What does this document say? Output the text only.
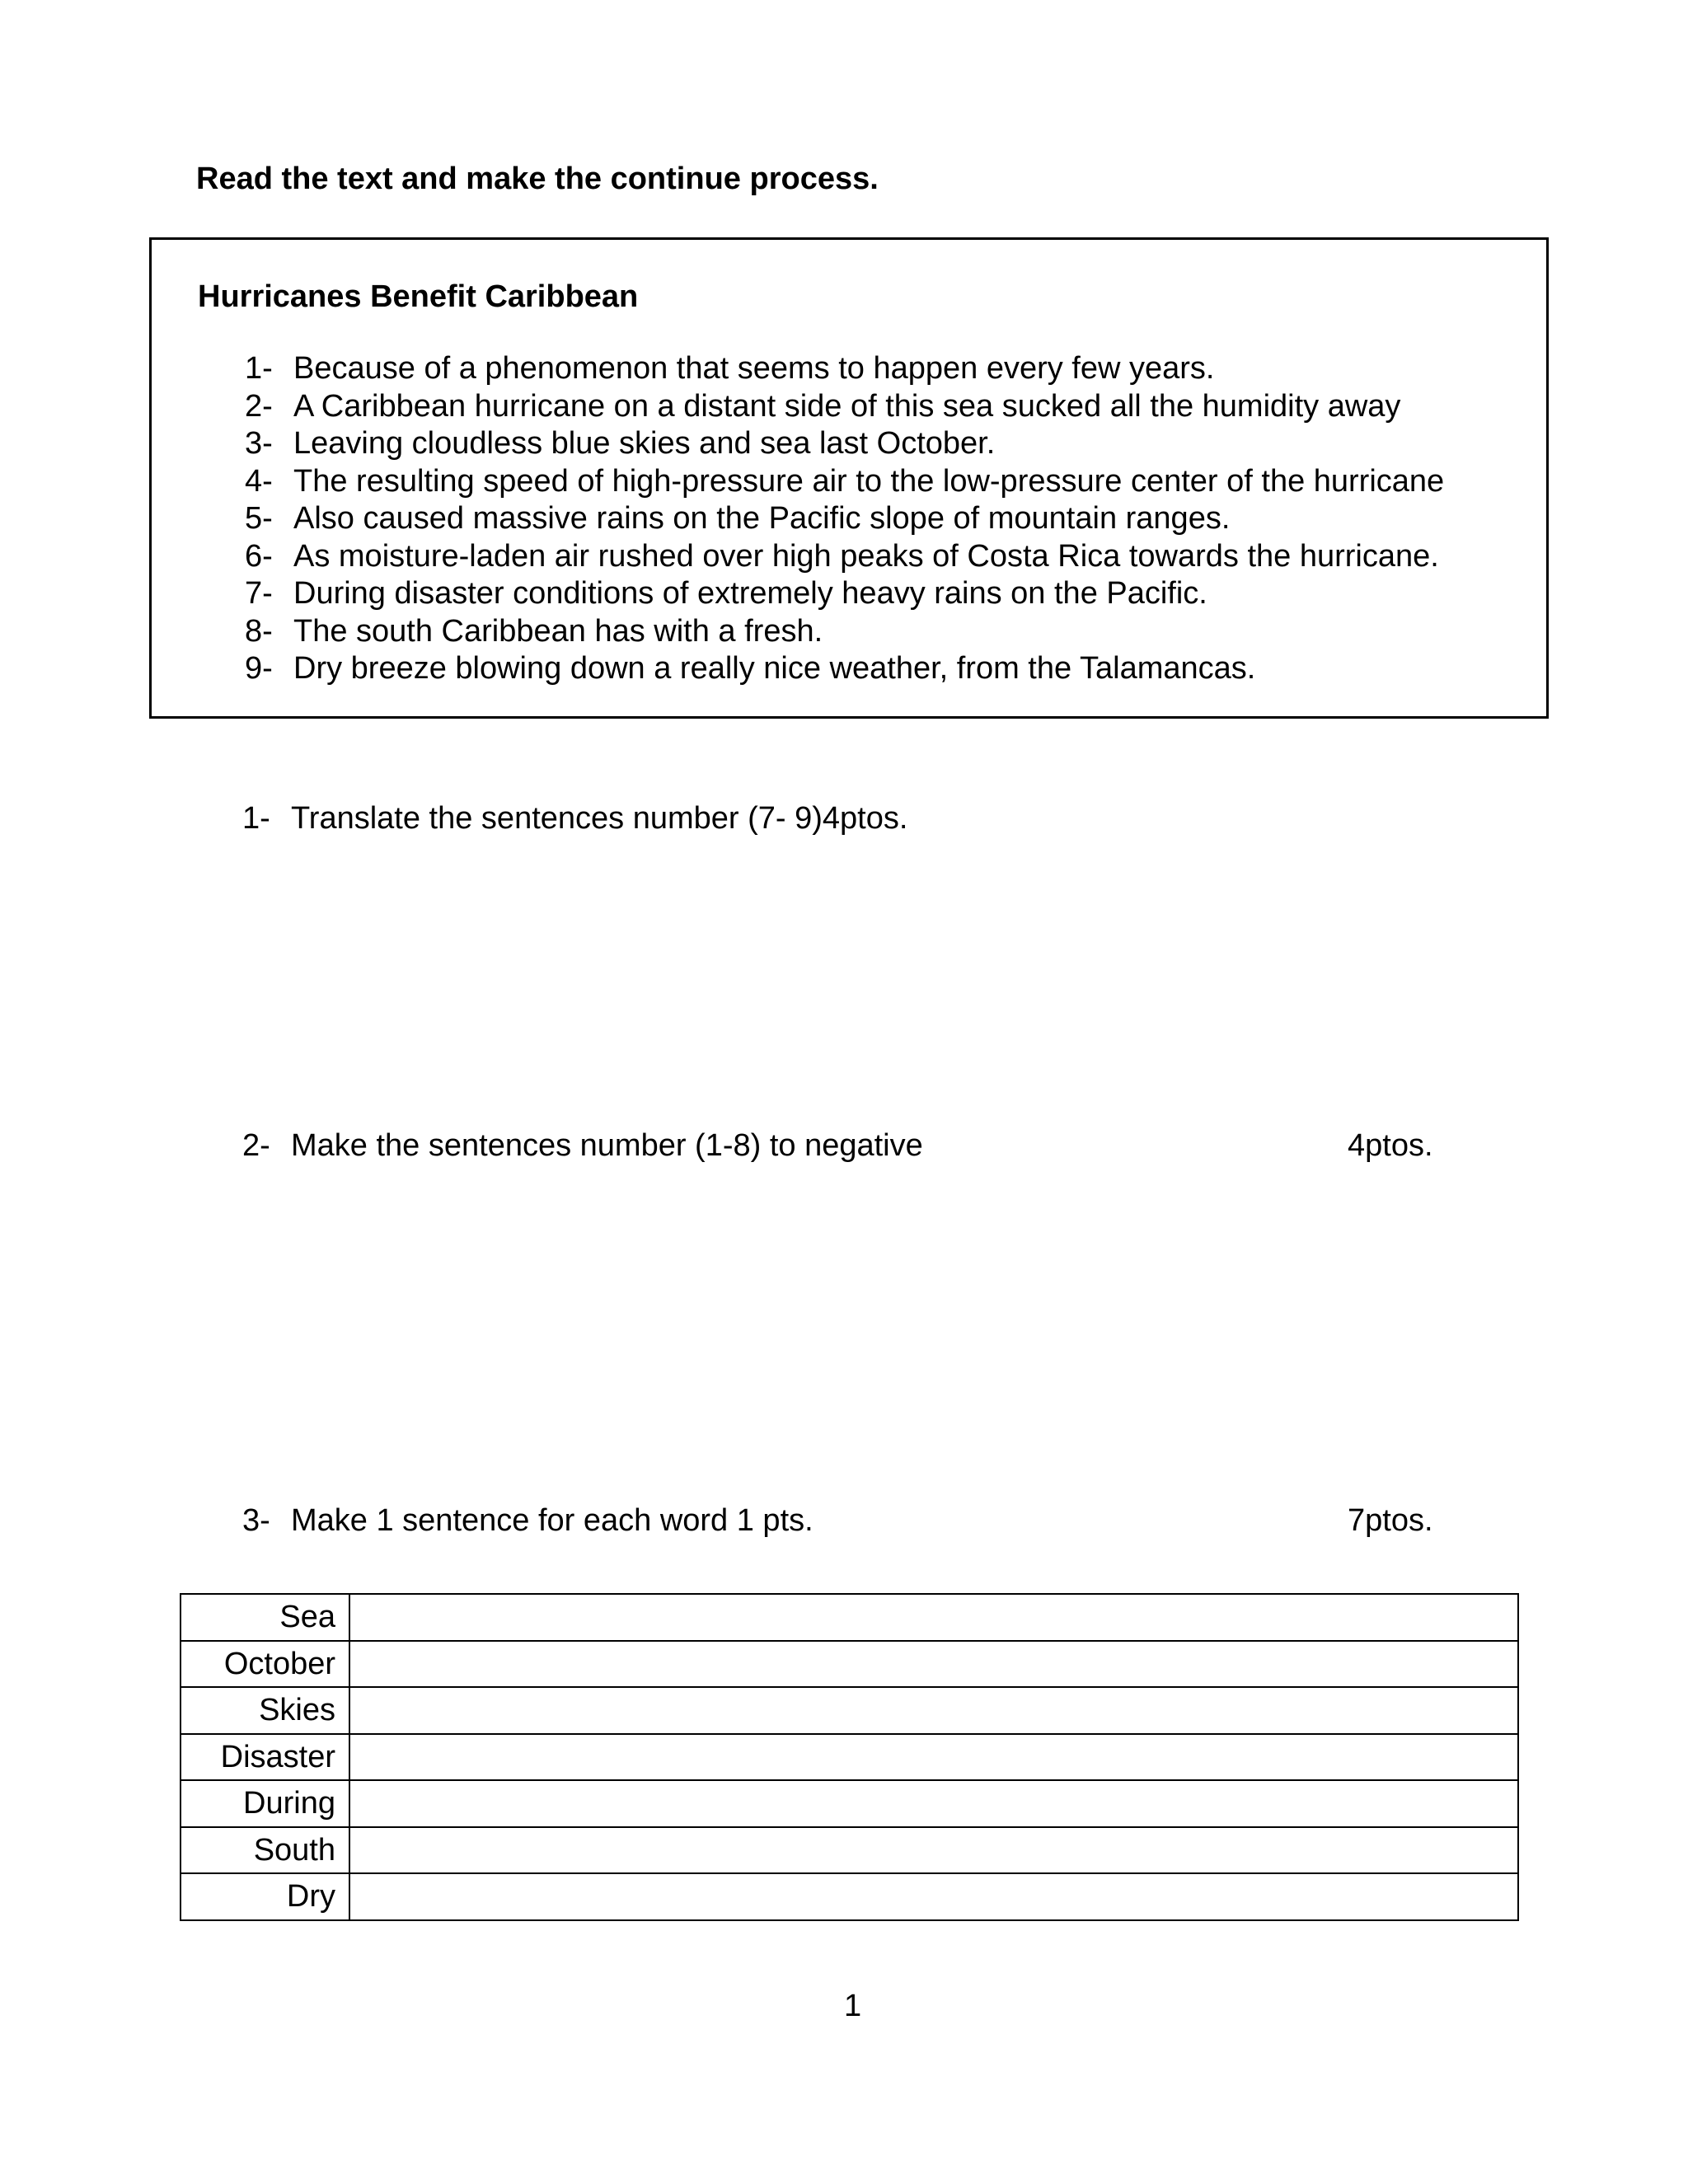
Read the text and make the continue process.
Hurricanes Benefit Caribbean
1- Because of a phenomenon that seems to happen every few years.
2- A Caribbean hurricane on a distant side of this sea sucked all the humidity away
3- Leaving cloudless blue skies and sea last October.
4- The resulting speed of high-pressure air to the low-pressure center of the hurricane
5- Also caused massive rains on the Pacific slope of mountain ranges.
6- As moisture-laden air rushed over high peaks of Costa Rica towards the hurricane.
7- During disaster conditions of extremely heavy rains on the Pacific.
8- The south Caribbean has with a fresh.
9- Dry breeze blowing down a really nice weather, from the Talamancas.
1- Translate the sentences number (7- 9)4ptos.
2- Make the sentences number (1-8) to negative	4ptos.
3- Make 1 sentence for each word 1 pts.	7ptos.
Sea	
October	
Skies	
Disaster	
During	
South	
Dry	
1
